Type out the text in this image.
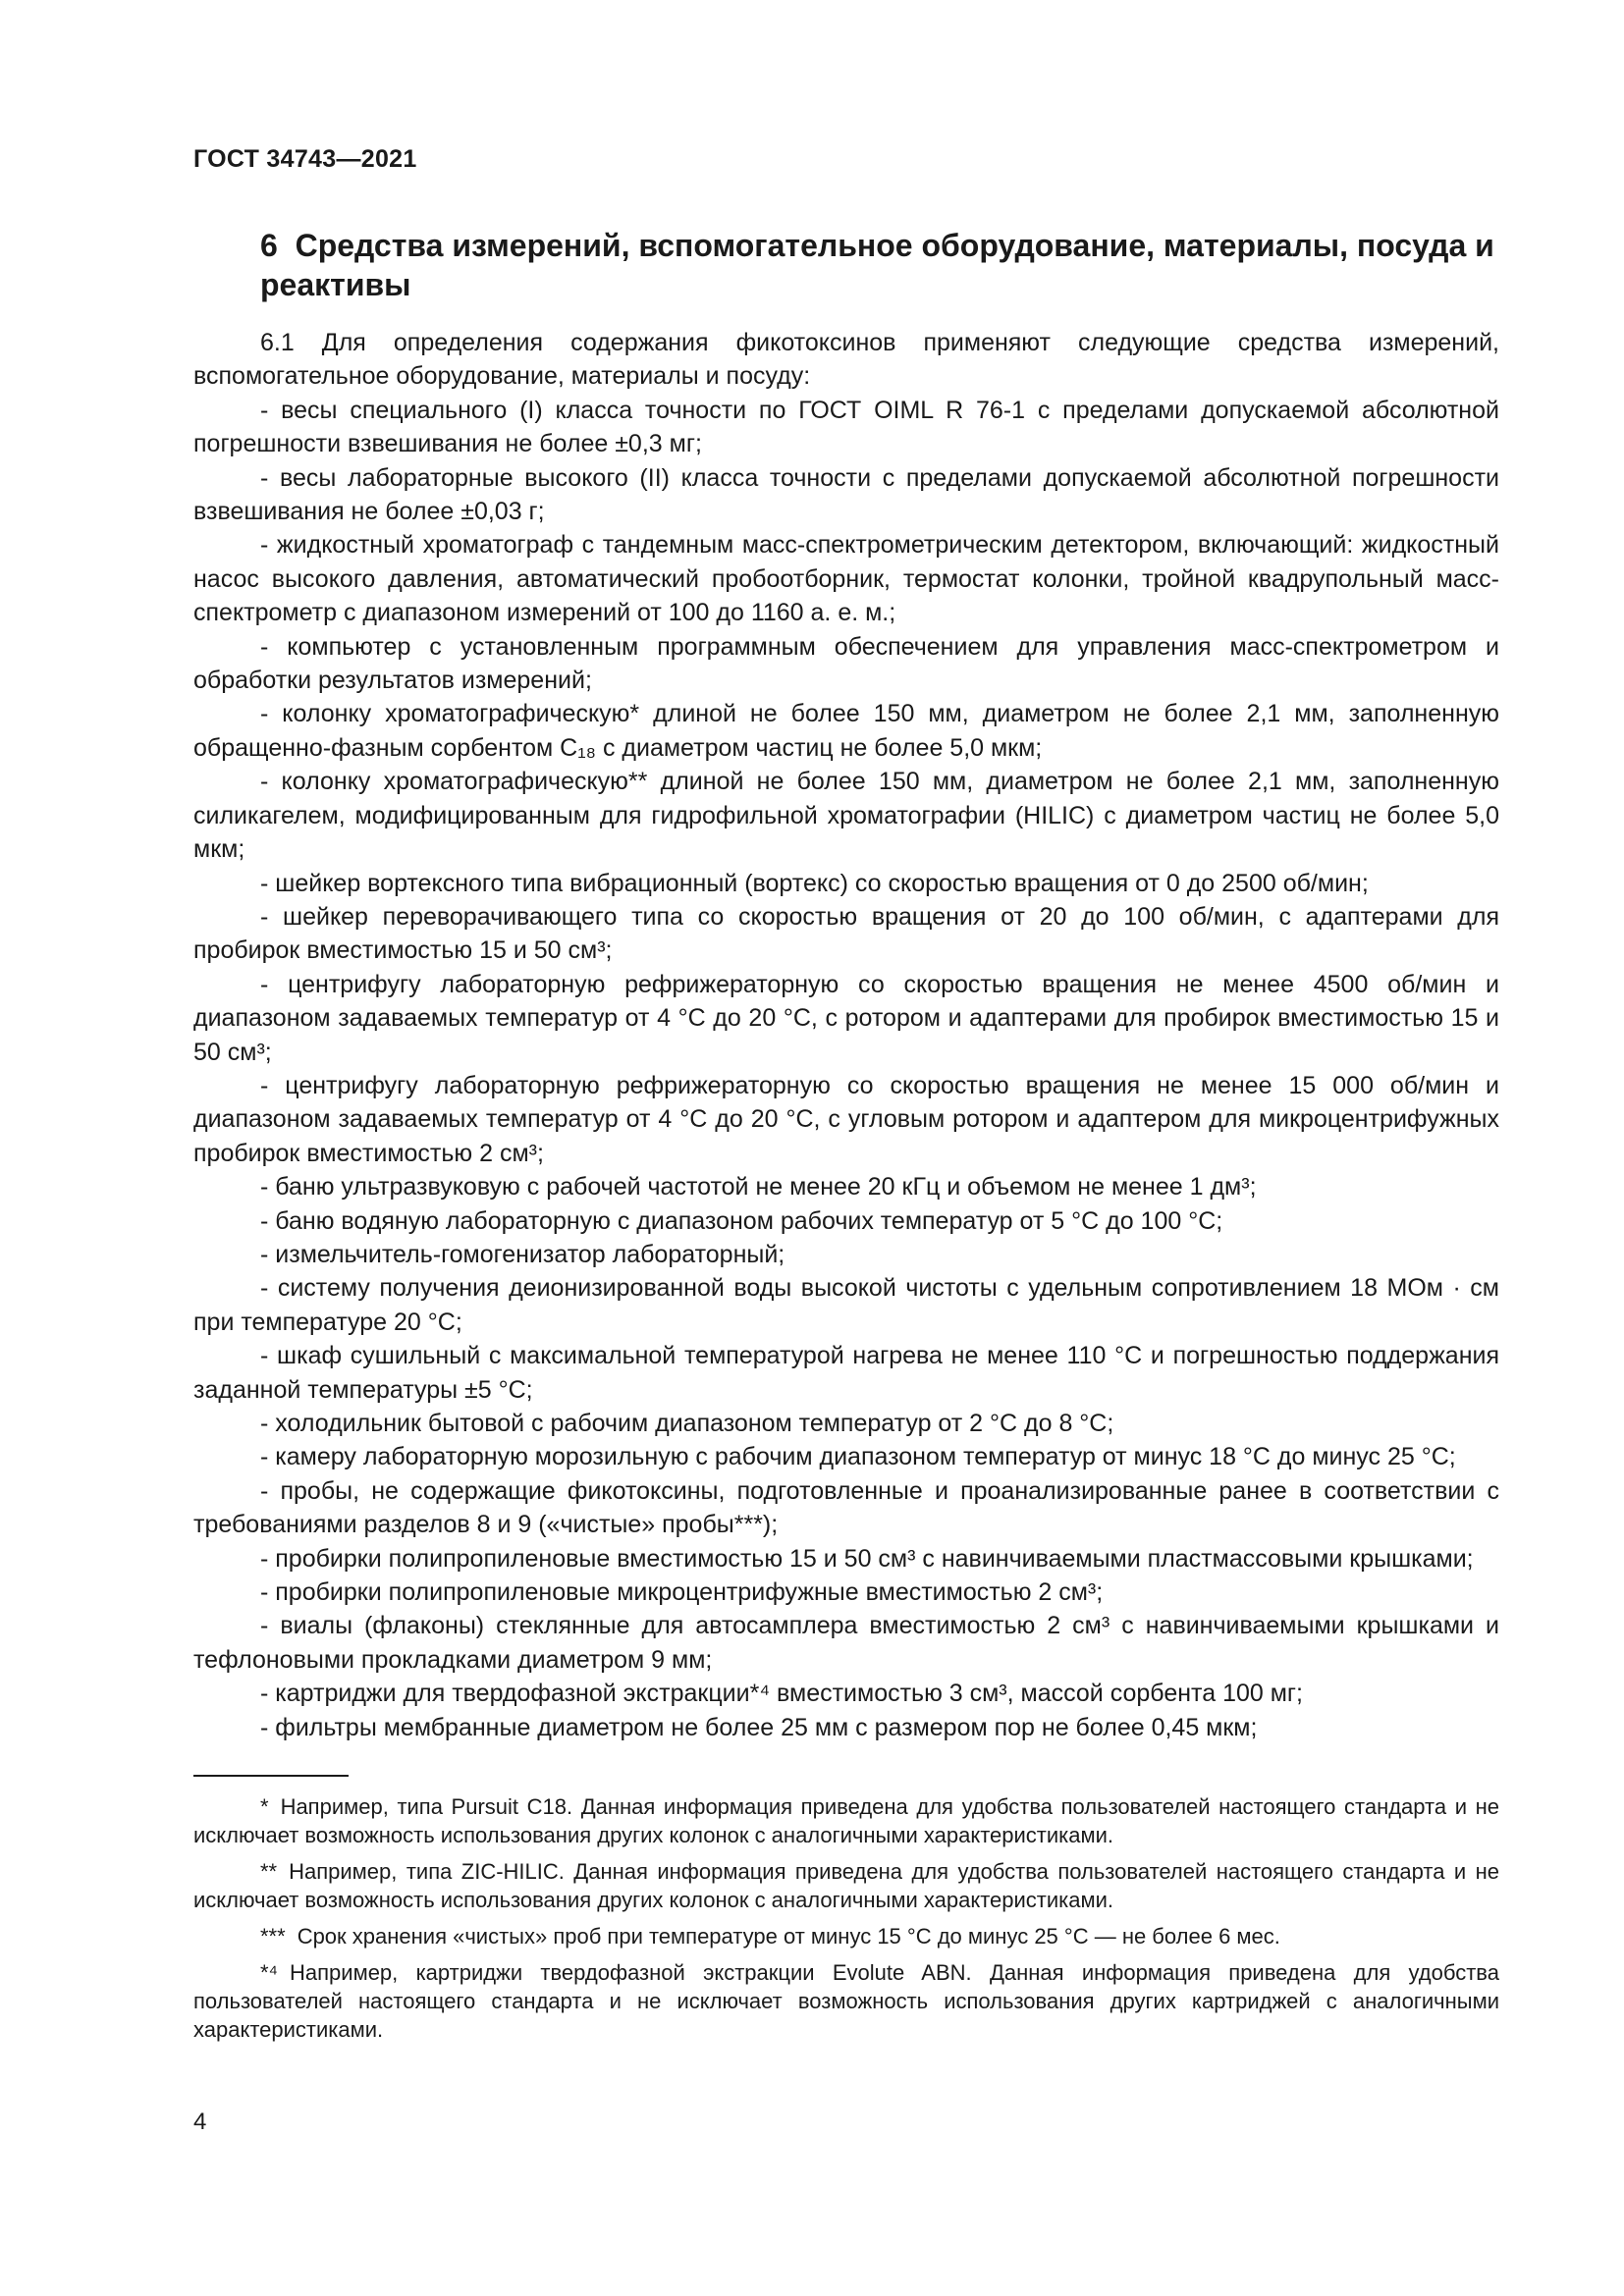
ГОСТ 34743—2021
6 Средства измерений, вспомогательное оборудование, материалы, посуда и реактивы

6.1 Для определения содержания фикотоксинов применяют следующие средства измерений, вспомогательное оборудование, материалы и посуду:

- весы специального (I) класса точности по ГОСТ OIML R 76-1 с пределами допускаемой абсолютной погрешности взвешивания не более ±0,3 мг;

- весы лабораторные высокого (II) класса точности с пределами допускаемой абсолютной погрешности взвешивания не более ±0,03 г;

- жидкостный хроматограф с тандемным масс-спектрометрическим детектором, включающий: жидкостный насос высокого давления, автоматический пробоотборник, термостат колонки, тройной квадрупольный масс-спектрометр с диапазоном измерений от 100 до 1160 а. е. м.;

- компьютер с установленным программным обеспечением для управления масс-спектрометром и обработки результатов измерений;

- колонку хроматографическую* длиной не более 150 мм, диаметром не более 2,1 мм, заполненную обращенно-фазным сорбентом C₁₈ с диаметром частиц не более 5,0 мкм;

- колонку хроматографическую** длиной не более 150 мм, диаметром не более 2,1 мм, заполненную силикагелем, модифицированным для гидрофильной хроматографии (HILIC) с диаметром частиц не более 5,0 мкм;

- шейкер вортексного типа вибрационный (вортекс) со скоростью вращения от 0 до 2500 об/мин;

- шейкер переворачивающего типа со скоростью вращения от 20 до 100 об/мин, с адаптерами для пробирок вместимостью 15 и 50 см³;

- центрифугу лабораторную рефрижераторную со скоростью вращения не менее 4500 об/мин и диапазоном задаваемых температур от 4 °С до 20 °С, с ротором и адаптерами для пробирок вместимостью 15 и 50 см³;

- центрифугу лабораторную рефрижераторную со скоростью вращения не менее 15 000 об/мин и диапазоном задаваемых температур от 4 °С до 20 °С, с угловым ротором и адаптером для микроцентрифужных пробирок вместимостью 2 см³;

- баню ультразвуковую с рабочей частотой не менее 20 кГц и объемом не менее 1 дм³;

- баню водяную лабораторную с диапазоном рабочих температур от 5 °С до 100 °С;

- измельчитель-гомогенизатор лабораторный;

- систему получения деионизированной воды высокой чистоты с удельным сопротивлением 18 МОм · см при температуре 20 °С;

- шкаф сушильный с максимальной температурой нагрева не менее 110 °С и погрешностью поддержания заданной температуры ±5 °С;

- холодильник бытовой с рабочим диапазоном температур от 2 °С до 8 °С;

- камеру лабораторную морозильную с рабочим диапазоном температур от минус 18 °С до минус 25 °С;

- пробы, не содержащие фикотоксины, подготовленные и проанализированные ранее в соответствии с требованиями разделов 8 и 9 («чистые» пробы***);

- пробирки полипропиленовые вместимостью 15 и 50 см³ с навинчиваемыми пластмассовыми крышками;

- пробирки полипропиленовые микроцентрифужные вместимостью 2 см³;

- виалы (флаконы) стеклянные для автосамплера вместимостью 2 см³ с навинчиваемыми крышками и тефлоновыми прокладками диаметром 9 мм;

- картриджи для твердофазной экстракции*⁴ вместимостью 3 см³, массой сорбента 100 мг;

- фильтры мембранные диаметром не более 25 мм с размером пор не более 0,45 мкм;

* Например, типа Pursuit C18. Данная информация приведена для удобства пользователей настоящего стандарта и не исключает возможность использования других колонок с аналогичными характеристиками.

** Например, типа ZIC-HILIC. Данная информация приведена для удобства пользователей настоящего стандарта и не исключает возможность использования других колонок с аналогичными характеристиками.

*** Срок хранения «чистых» проб при температуре от минус 15 °С до минус 25 °С — не более 6 мес.

*⁴ Например, картриджи твердофазной экстракции Evolute ABN. Данная информация приведена для удобства пользователей настоящего стандарта и не исключает возможность использования других картриджей с аналогичными характеристиками.

4
